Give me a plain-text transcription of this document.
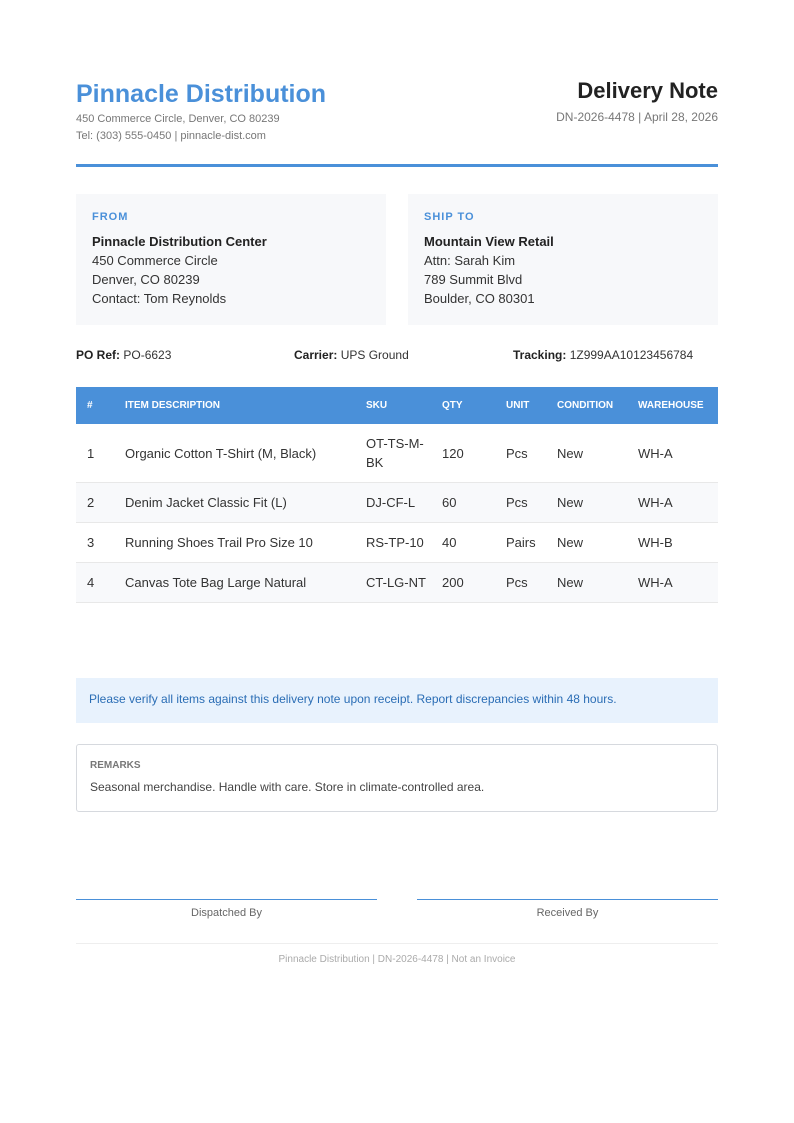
Pinnacle Distribution
450 Commerce Circle, Denver, CO 80239
Tel: (303) 555-0450 | pinnacle-dist.com
Delivery Note
DN-2026-4478 | April 28, 2026
FROM
Pinnacle Distribution Center
450 Commerce Circle
Denver, CO 80239
Contact: Tom Reynolds
SHIP TO
Mountain View Retail
Attn: Sarah Kim
789 Summit Blvd
Boulder, CO 80301
PO Ref: PO-6623	Carrier: UPS Ground	Tracking: 1Z999AA10123456784
#	ITEM DESCRIPTION	SKU	QTY	UNIT	CONDITION	WAREHOUSE
1	Organic Cotton T-Shirt (M, Black)	OT-TS-M-BK	120	Pcs	New	WH-A
2	Denim Jacket Classic Fit (L)	DJ-CF-L	60	Pcs	New	WH-A
3	Running Shoes Trail Pro Size 10	RS-TP-10	40	Pairs	New	WH-B
4	Canvas Tote Bag Large Natural	CT-LG-NT	200	Pcs	New	WH-A
Please verify all items against this delivery note upon receipt. Report discrepancies within 48 hours.
REMARKS
Seasonal merchandise. Handle with care. Store in climate-controlled area.
Dispatched By	Received By
Pinnacle Distribution | DN-2026-4478 | Not an Invoice
